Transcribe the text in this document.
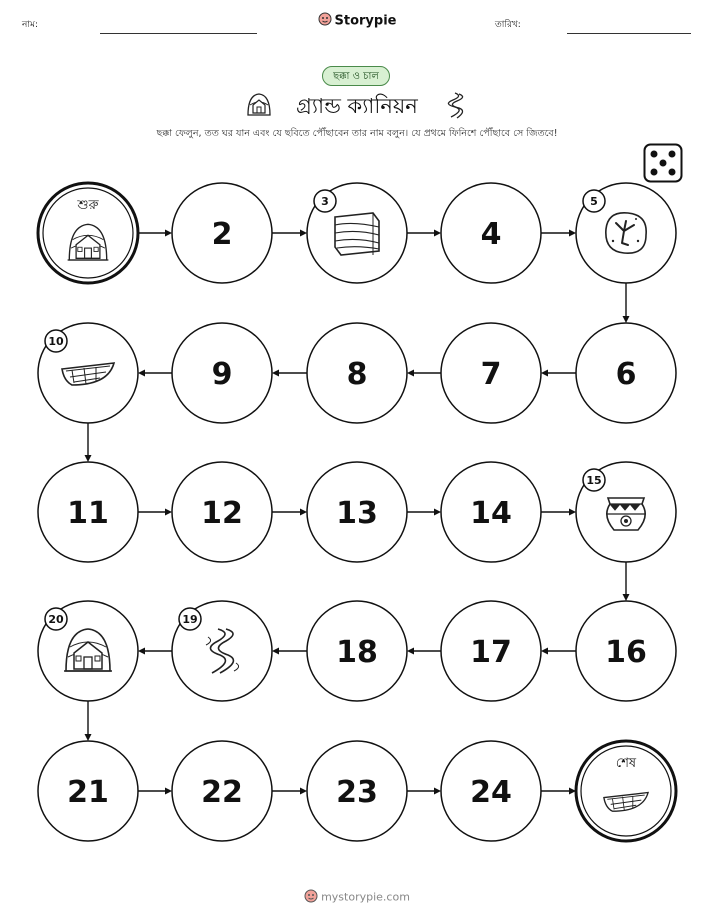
নাম:	Storypie	তারিখ:
ছক্কা ও চাল
গ্র্যান্ড ক্যানিয়ন
ছক্কা ফেলুন, তত ঘর যান এবং যে ছবিতে পৌঁছাবেন তার নাম বলুন। যে প্রথমে ফিনিশে পৌঁছাবে সে জিতবে!
শুরু
2
3
4
5
6
7
8
9
10
11	12	13	14
15
16
17
18
19
20
21	22	23	24
শেষ
mystorypie.com
